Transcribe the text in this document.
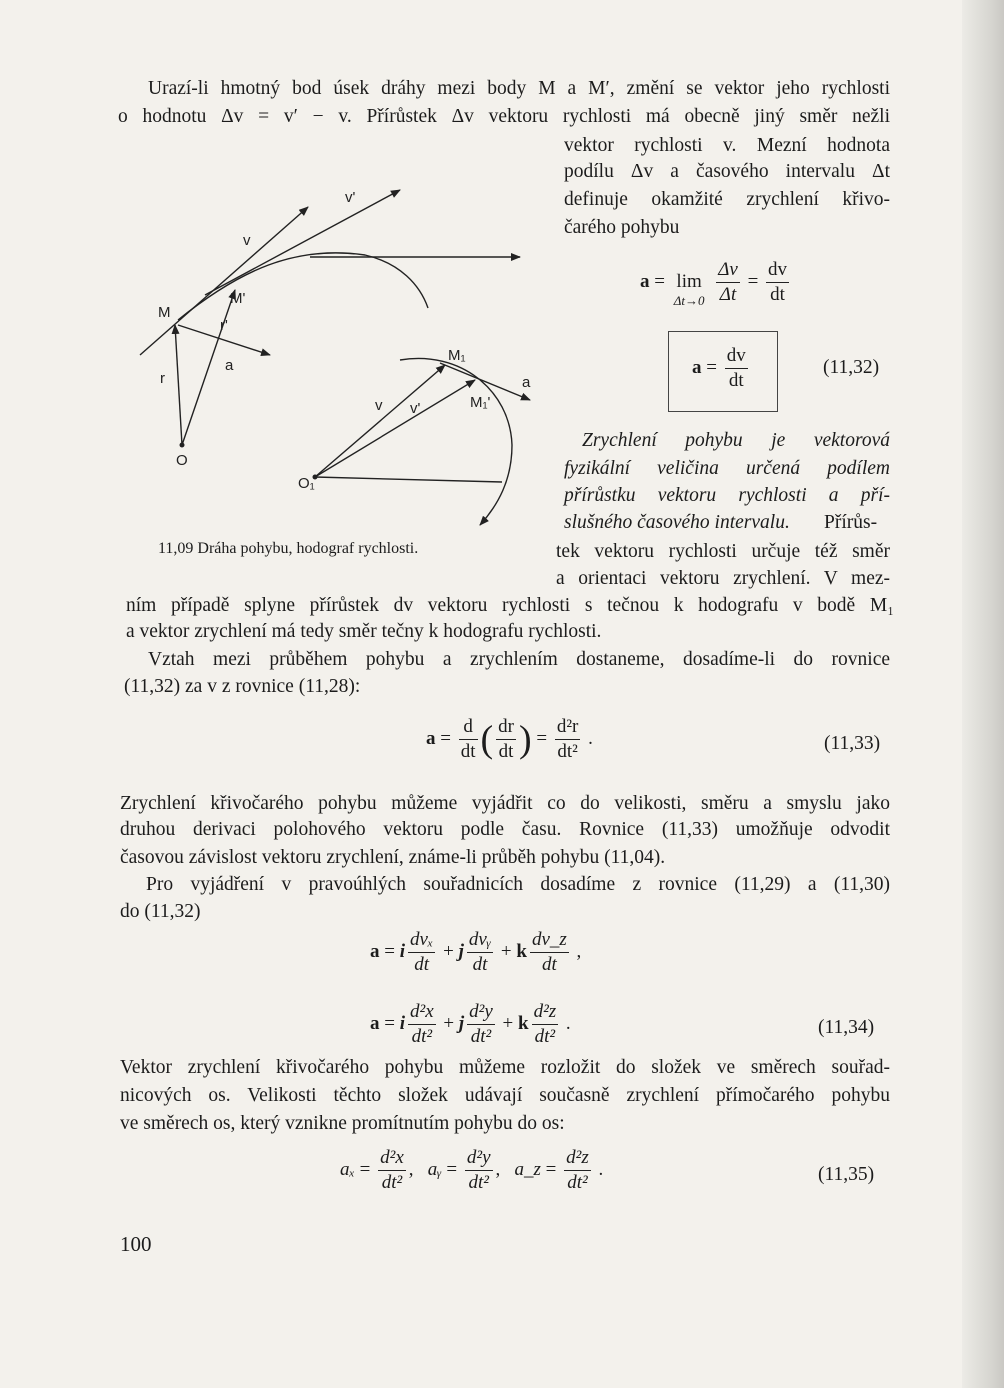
Urazí-li hmotný bod úsek dráhy mezi body M a M′, změní se vektor jeho rychlosti
o hodnotu Δv = v′ − v. Přírůstek Δv vektoru rychlosti má obecně jiný směr nežli
vektor rychlosti v. Mezní hodnota
podílu Δv a časového intervalu Δt
definuje okamžité zrychlení křivo-
čarého pohybu
a = lim
Δt→0
$\frac{\Delta v}{\Delta t} = \frac{dv}{dt}$
$a = \frac{dv}{dt}$	(11,32)
v
v'
M
M'
r
r'
a
O
O₁
M₁
M₁'
v v'
a
11,09 Dráha pohybu, hodograf rychlosti.
Zrychlení pohybu je vektorová
fyzikální veličina určená podílem
přírůstku vektoru rychlosti a pří-
slušného časového intervalu. Přírůs-
tek vektoru rychlosti určuje též směr
a orientaci vektoru zrychlení. V mez-
ním případě splyne přírůstek dv vektoru rychlosti s tečnou k hodografu v bodě M₁
a vektor zrychlení má tedy směr tečny k hodografu rychlosti.
Vztah mezi průběhem pohybu a zrychlením dostaneme, dosadíme-li do rovnice
(11,32) za v z rovnice (11,28):
$a = \frac{d}{dt}$ ( $\frac{dr}{dt}$ ) = $\frac{\text{d²r}}{\text{dt²}}$ .	(11,33)
Zrychlení křivočarého pohybu můžeme vyjádřit co do velikosti, směru a smyslu jako
druhou derivaci polohového vektoru podle času. Rovnice (11,33) umožňuje odvodit
časovou závislost vektoru zrychlení, známe-li průběh pohybu (11,04).
Pro vyjádření v pravoúhlých souřadnicích dosadíme z rovnice (11,29) a (11,30)
do (11,32)
a = i $\frac{\text{dvₓ}}{dt} + j \frac{\text{dvᵧ}}{dt} + k \frac{dv\_z}{dt}$ ,
a = i $\frac{\text{d²x}}{\text{dt²}} + j \frac{\text{d²y}}{\text{dt²}} + k \frac{\text{d²z}}{\text{dt²}}$ .	(11,34)
Vektor zrychlení křivočarého pohybu můžeme rozložit do složek ve směrech souřad-
nicových os. Velikosti těchto složek udávají současně zrychlení přímočarého pohybu
ve směrech os, který vznikne promítnutím pohybu do os:
$a_x = \frac{\text{d²x}}{\text{dt²}}$ ,   aᵧ = $\frac{\text{d²y}}{\text{dt²}}$ ,   a_z = $\frac{\text{d²z}}{\text{dt²}}$ .	(11,35)
100
